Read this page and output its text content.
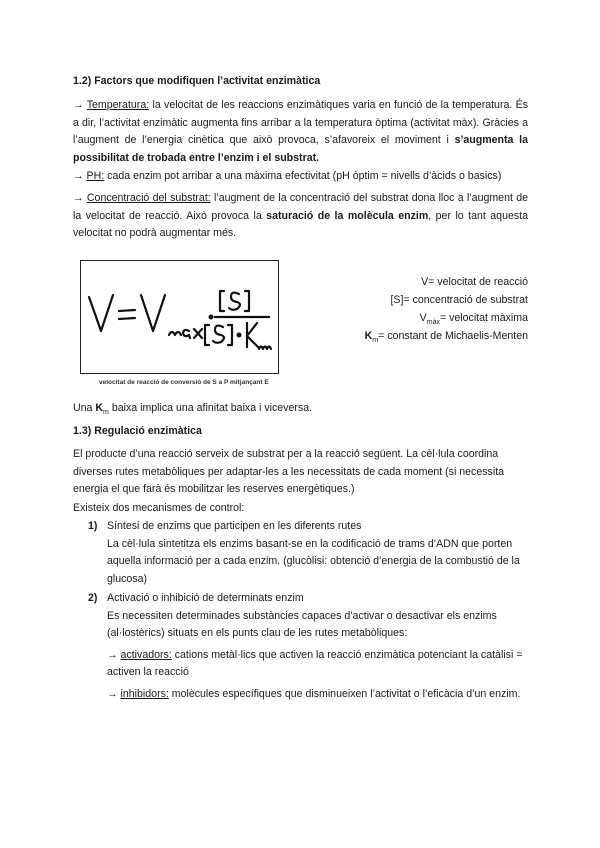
1.2) Factors que modifiquen l’activitat enzimàtica

→ Temperatura: la velocitat de les reaccions enzimàtiques varia en funció de la temperatura. És a dir, l’activitat enzimàtic augmenta fins arribar a la temperatura òptima (activitat màx). Gràcies a l’augment de l’energia cinètica que això provoca, s’afavoreix el moviment i s’augmenta la possibilitat de trobada entre l’enzim i el substrat.

→ PH: cada enzim pot arribar a una màxima efectivitat (pH òptim = nivells d’àcids o basics)

→ Concentració del substrat: l’augment de la concentració del substrat dona lloc a l’augment de la velocitat de reacció. Això provoca la saturació de la molècula enzim, per lo tant aquesta velocitat no podrà augmentar més.

velocitat de reacció de conversió de S a P mitjançant E
V= velocitat de reacció
[S]= concentració de substrat
$V_{màx}=$ velocitat màxima
$K_m=$ constant de Michaelis-Menten

Una $K_m$ baixa implica una afinitat baixa i viceversa.

1.3) Regulació enzimàtica

El producte d’una reacció serveix de substrat per a la reacció següent. La cèl·lula coordina diverses rutes metabòliques per adaptar-les a les necessitats de cada moment (si necessita energia el que farà és mobilitzar les reserves energètiques.)

Existeix dos mecanismes de control:

1) Síntesi de enzims que participen en les diferents rutes
La cèl·lula sintetitza els enzims basant-se en la codificació de trams d’ADN que porten aquella informació per a cada enzim. (glucòlisi: obtenció d’energia de la combustió de la glucosa)
2) Activació o inhibició de determinats enzim
Es necessiten determinades substàncies capaces d’activar o desactivar els enzims (al·lostèrics) situats en els punts clau de les rutes metabòliques:
→ activadors: cations metàl·lics que activen la reacció enzimàtica potenciant la catàlisi = activen la reacció
→ inhibidors: molècules específiques que disminueixen l’activitat o l’eficàcia d’un enzim.
